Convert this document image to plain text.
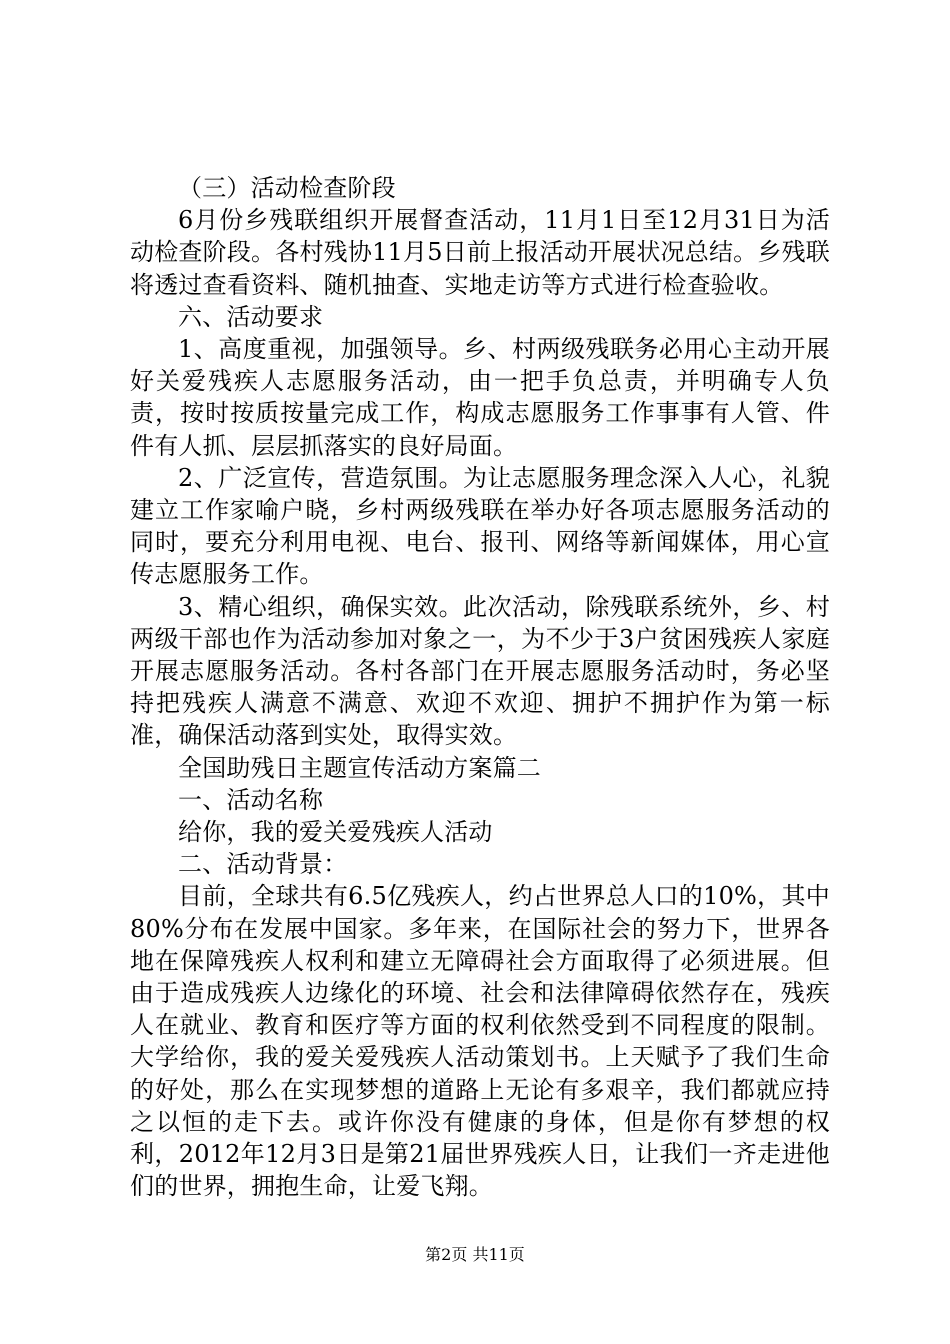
（三）活动检查阶段

6月份乡残联组织开展督查活动，11月1日至12月31日为活动检查阶段。各村残协11月5日前上报活动开展状况总结。乡残联将透过查看资料、随机抽查、实地走访等方式进行检查验收。

六、活动要求

1、高度重视，加强领导。乡、村两级残联务必用心主动开展好关爱残疾人志愿服务活动，由一把手负总责，并明确专人负责，按时按质按量完成工作，构成志愿服务工作事事有人管、件件有人抓、层层抓落实的良好局面。

2、广泛宣传，营造氛围。为让志愿服务理念深入人心，礼貌建立工作家喻户晓，乡村两级残联在举办好各项志愿服务活动的同时，要充分利用电视、电台、报刊、网络等新闻媒体，用心宣传志愿服务工作。

3、精心组织，确保实效。此次活动，除残联系统外，乡、村两级干部也作为活动参加对象之一，为不少于3户贫困残疾人家庭开展志愿服务活动。各村各部门在开展志愿服务活动时，务必坚持把残疾人满意不满意、欢迎不欢迎、拥护不拥护作为第一标准，确保活动落到实处，取得实效。

全国助残日主题宣传活动方案篇二

一、活动名称

给你，我的爱关爱残疾人活动

二、活动背景：

目前，全球共有6.5亿残疾人，约占世界总人口的10%，其中80%分布在发展中国家。多年来，在国际社会的努力下，世界各地在保障残疾人权利和建立无障碍社会方面取得了必须进展。但由于造成残疾人边缘化的环境、社会和法律障碍依然存在，残疾人在就业、教育和医疗等方面的权利依然受到不同程度的限制。大学给你，我的爱关爱残疾人活动策划书。上天赋予了我们生命的好处，那么在实现梦想的道路上无论有多艰辛，我们都就应持之以恒的走下去。或许你没有健康的身体，但是你有梦想的权利，2012年12月3日是第21届世界残疾人日，让我们一齐走进他们的世界，拥抱生命，让爱飞翔。

第2页 共11页
